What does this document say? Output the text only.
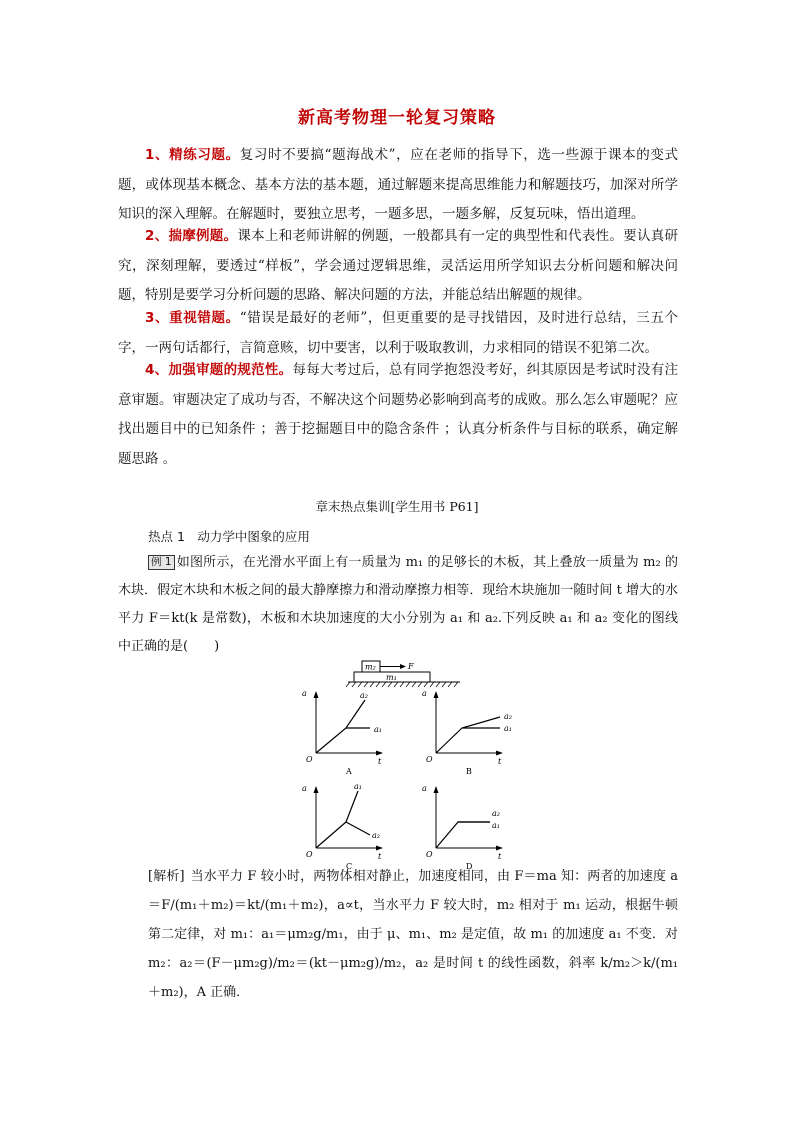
新高考物理一轮复习策略

1、精练习题。复习时不要搞“题海战术”，应在老师的指导下，选一些源于课本的变式题，或体现基本概念、基本方法的基本题，通过解题来提高思维能力和解题技巧，加深对所学知识的深入理解。在解题时，要独立思考，一题多思，一题多解，反复玩味，悟出道理。

2、揣摩例题。课本上和老师讲解的例题，一般都具有一定的典型性和代表性。要认真研究，深刻理解，要透过“样板”，学会通过逻辑思维，灵活运用所学知识去分析问题和解决问题，特别是要学习分析问题的思路、解决问题的方法，并能总结出解题的规律。

3、重视错题。“错误是最好的老师”，但更重要的是寻找错因，及时进行总结，三五个字，一两句话都行，言简意赅，切中要害，以利于吸取教训，力求相同的错误不犯第二次。

4、加强审题的规范性。每每大考过后，总有同学抱怨没考好，纠其原因是考试时没有注意审题。审题决定了成功与否，不解决这个问题势必影响到高考的成败。那么怎么审题呢？应找出题目中的已知条件 ；善于挖掘题目中的隐含条件 ；认真分析条件与目标的联系，确定解题思路 。

章末热点集训[学生用书 P61]
热点 1　动力学中图象的应用

例 1 如图所示，在光滑水平面上有一质量为 m₁ 的足够长的木板，其上叠放一质量为 m₂ 的木块．假定木块和木板之间的最大静摩擦力和滑动摩擦力相等．现给木块施加一随时间 t 增大的水平力 F＝kt(k 是常数)，木板和木块加速度的大小分别为 a₁ 和 a₂.下列反映 a₁ 和 a₂ 变化的图线中正确的是(　　)

m₂
m₁
F
a
t
O
a₂
a₁
A
a
t
O
a₂
a₁
B
a
t
O
a₁
a₂
C
a
t
O
a₂
a₁
D

[解析] 当水平力 F 较小时，两物体相对静止，加速度相同，由 F＝ma 知：两者的加速度 a＝F/(m₁＋m₂)＝kt/(m₁＋m₂)，a∝t，当水平力 F 较大时，m₂ 相对于 m₁ 运动，根据牛顿第二定律，对 m₁：a₁＝μm₂g/m₁，由于 μ、m₁、m₂ 是定值，故 m₁ 的加速度 a₁ 不变．对 m₂：a₂＝(F－μm₂g)/m₂＝(kt－μm₂g)/m₂，a₂ 是时间 t 的线性函数，斜率 k/m₂＞k/(m₁＋m₂)，A 正确．
